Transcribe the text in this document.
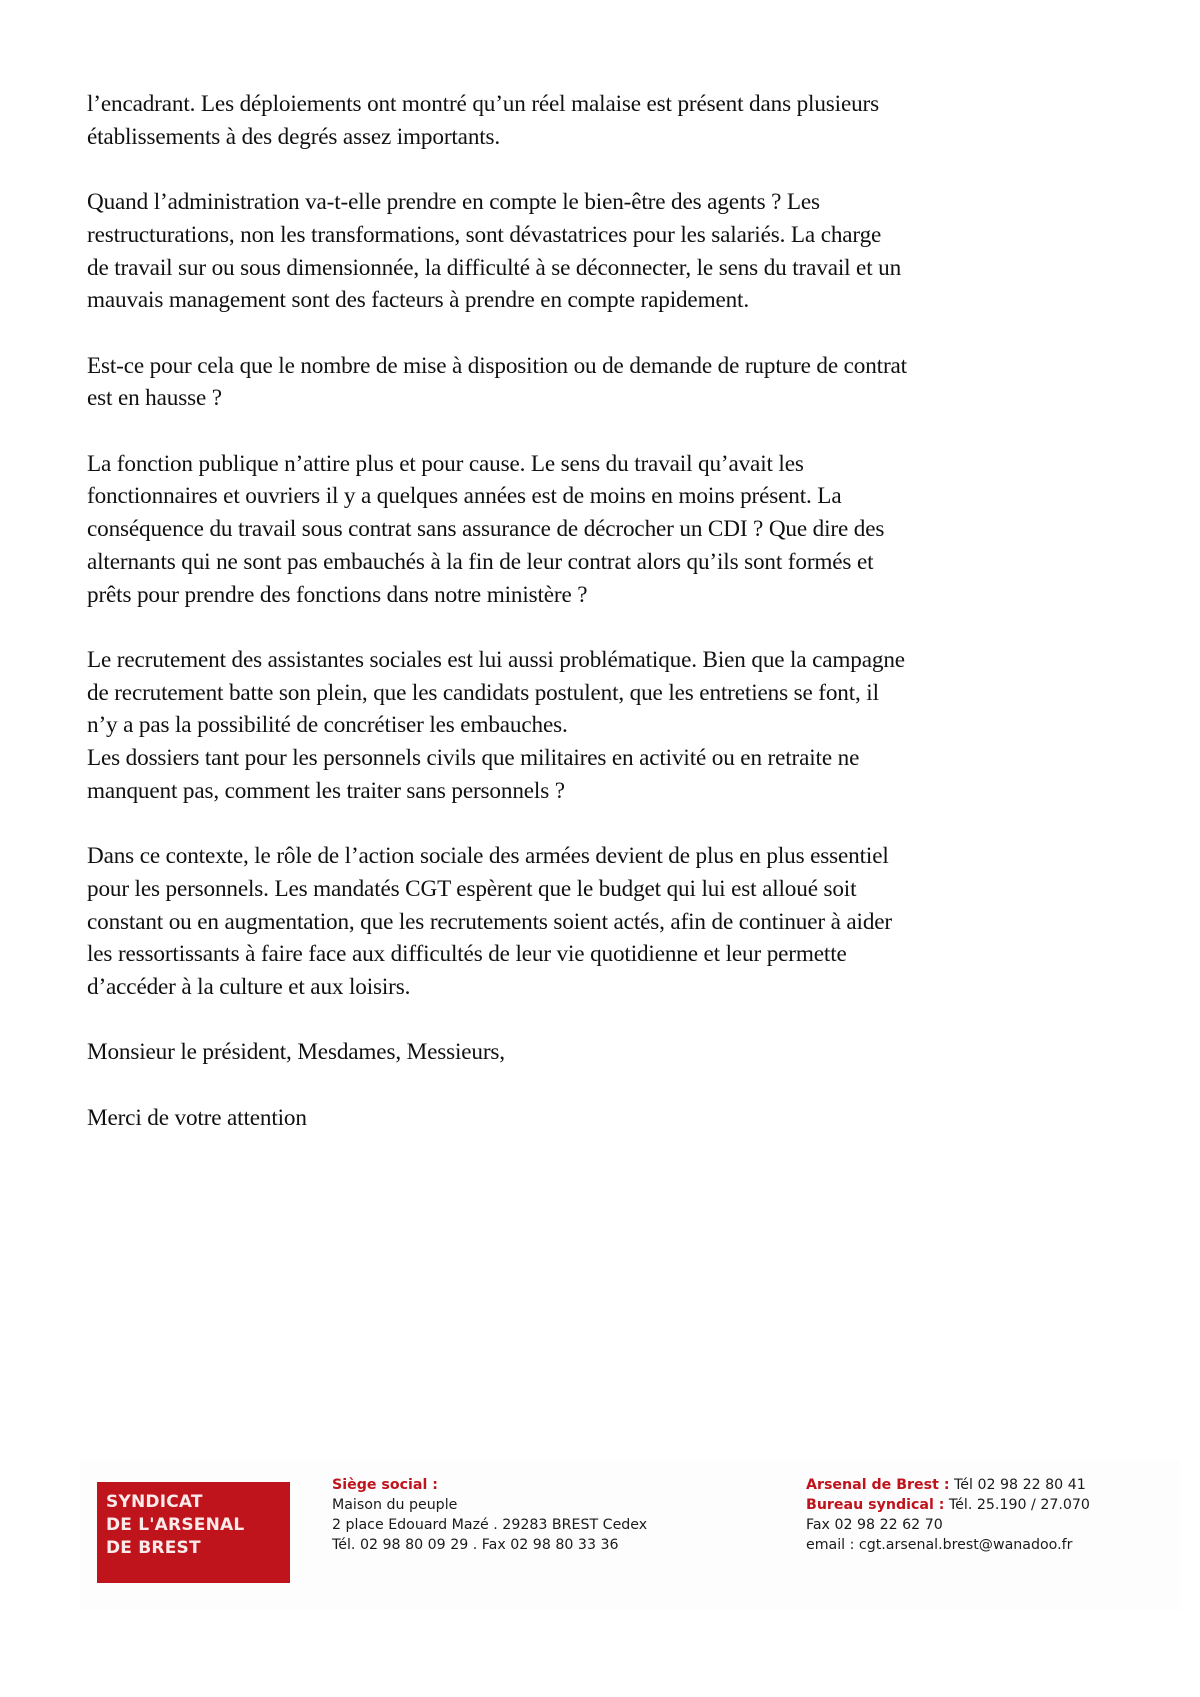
l’encadrant. Les déploiements ont montré qu’un réel malaise est présent dans plusieurs
établissements à des degrés assez importants.

Quand l’administration va-t-elle prendre en compte le bien-être des agents ? Les
restructurations, non les transformations, sont dévastatrices pour les salariés. La charge
de travail sur ou sous dimensionnée, la difficulté à se déconnecter, le sens du travail et un
mauvais management sont des facteurs à prendre en compte rapidement.

Est-ce pour cela que le nombre de mise à disposition ou de demande de rupture de contrat
est en hausse ?

La fonction publique n’attire plus et pour cause. Le sens du travail qu’avait les
fonctionnaires et ouvriers il y a quelques années est de moins en moins présent. La
conséquence du travail sous contrat sans assurance de décrocher un CDI ? Que dire des
alternants qui ne sont pas embauchés à la fin de leur contrat alors qu’ils sont formés et
prêts pour prendre des fonctions dans notre ministère ?

Le recrutement des assistantes sociales est lui aussi problématique. Bien que la campagne
de recrutement batte son plein, que les candidats postulent, que les entretiens se font, il
n’y a pas la possibilité de concrétiser les embauches.

Les dossiers tant pour les personnels civils que militaires en activité ou en retraite ne
manquent pas, comment les traiter sans personnels ?

Dans ce contexte, le rôle de l’action sociale des armées devient de plus en plus essentiel
pour les personnels. Les mandatés CGT espèrent que le budget qui lui est alloué soit
constant ou en augmentation, que les recrutements soient actés, afin de continuer à aider
les ressortissants à faire face aux difficultés de leur vie quotidienne et leur permette
d’accéder à la culture et aux loisirs.

Monsieur le président, Mesdames, Messieurs,

Merci de votre attention

SYNDICAT
DE L'ARSENAL
DE BREST
Siège social :
Maison du peuple
2 place Edouard Mazé . 29283 BREST Cedex
Tél. 02 98 80 09 29 . Fax 02 98 80 33 36
Arsenal de Brest : Tél 02 98 22 80 41
Bureau syndical : Tél. 25.190 / 27.070
Fax 02 98 22 62 70
email : cgt.arsenal.brest@wanadoo.fr
